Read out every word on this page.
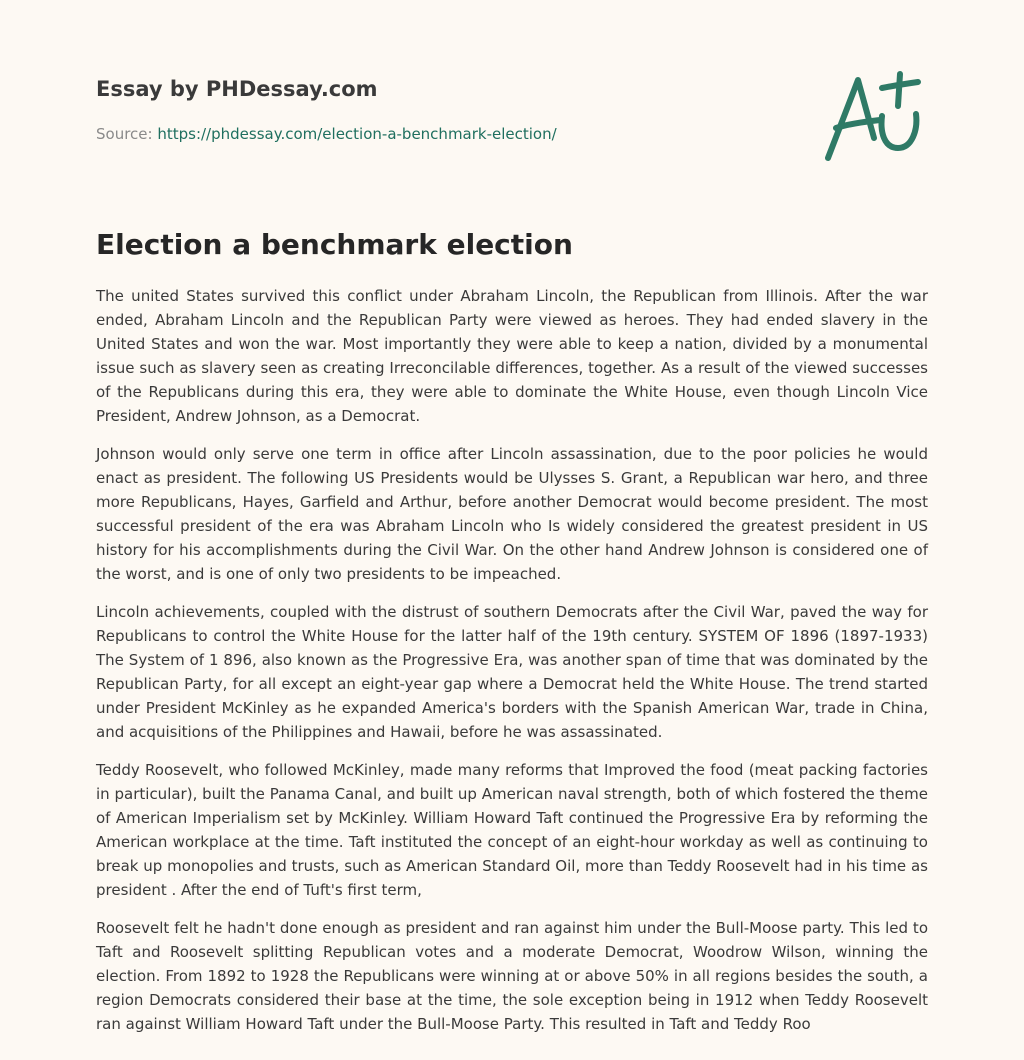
Essay by PHDessay.com
Source: https://phdessay.com/election-a-benchmark-election/
Election a benchmark election

The united States survived this conflict under Abraham Lincoln, the Republican from Illinois. After the war ended, Abraham Lincoln and the Republican Party were viewed as heroes. They had ended slavery in the United States and won the war. Most importantly they were able to keep a nation, divided by a monumental issue such as slavery seen as creating Irreconcilable differences, together. As a result of the viewed successes of the Republicans during this era, they were able to dominate the White House, even though Lincoln Vice President, Andrew Johnson, as a Democrat.

Johnson would only serve one term in office after Lincoln assassination, due to the poor policies he would enact as president. The following US Presidents would be Ulysses S. Grant, a Republican war hero, and three more Republicans, Hayes, Garfield and Arthur, before another Democrat would become president. The most successful president of the era was Abraham Lincoln who Is widely considered the greatest president in US history for his accomplishments during the Civil War. On the other hand Andrew Johnson is considered one of the worst, and is one of only two presidents to be impeached.

Lincoln achievements, coupled with the distrust of southern Democrats after the Civil War, paved the way for Republicans to control the White House for the latter half of the 19th century. SYSTEM OF 1896 (1897-1933) The System of 1 896, also known as the Progressive Era, was another span of time that was dominated by the Republican Party, for all except an eight-year gap where a Democrat held the White House. The trend started under President McKinley as he expanded America's borders with the Spanish American War, trade in China, and acquisitions of the Philippines and Hawaii, before he was assassinated.

Teddy Roosevelt, who followed McKinley, made many reforms that Improved the food (meat packing factories in particular), built the Panama Canal, and built up American naval strength, both of which fostered the theme of American Imperialism set by McKinley. William Howard Taft continued the Progressive Era by reforming the American workplace at the time. Taft instituted the concept of an eight-hour workday as well as continuing to break up monopolies and trusts, such as American Standard Oil, more than Teddy Roosevelt had in his time as president . After the end of Tuft's first term,

Roosevelt felt he hadn't done enough as president and ran against him under the Bull-Moose party. This led to Taft and Roosevelt splitting Republican votes and a moderate Democrat, Woodrow Wilson, winning the election. From 1892 to 1928 the Republicans were winning at or above 50% in all regions besides the south, a region Democrats considered their base at the time, the sole exception being in 1912 when Teddy Roosevelt ran against William Howard Taft under the Bull-Moose Party. This resulted in Taft and Teddy Roo
